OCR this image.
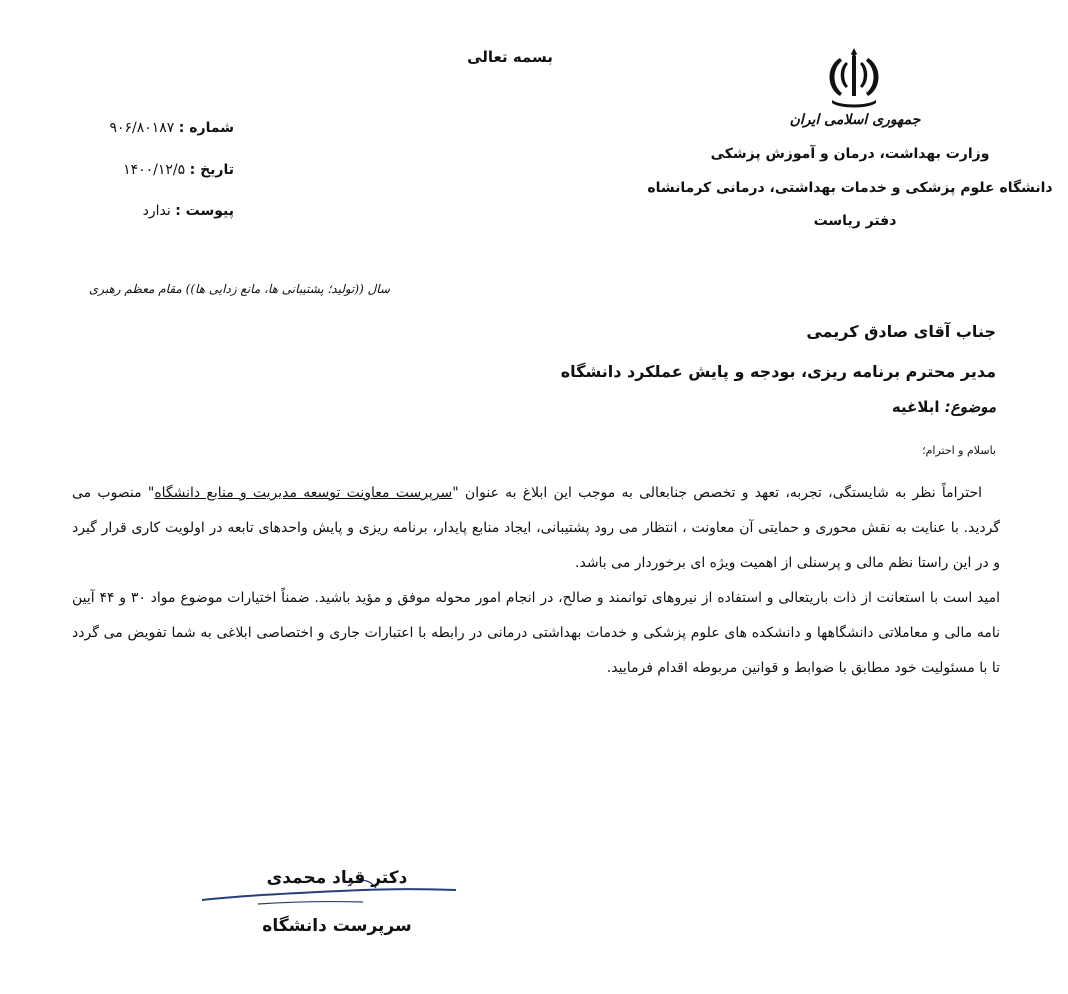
بسمه تعالی
جمهوری اسلامی ایران
وزارت بهداشت، درمان و آموزش پزشکی
دانشگاه علوم پزشکی و خدمات بهداشتی، درمانی کرمانشاه
دفتر ریاست
شماره : ۹۰۶/۸۰۱۸۷
تاریخ : ۱۴۰۰/۱۲/۵
پیوست : ندارد
سال ((تولید؛ پشتیبانی ها، مانع زدایی ها)) مقام معظم رهبری
جناب آقای صادق کریمی
مدیر محترم برنامه ریزی، بودجه و پایش عملکرد دانشگاه
موضوع: ابلاغیه
باسلام و احترام؛

احتراماً نظر به شایستگی، تجربه، تعهد و تخصص جنابعالی به موجب این ابلاغ به عنوان "سرپرست معاونت توسعه مدیریت و منابع دانشگاه" منصوب می گردید. با عنایت به نقش محوری و حمایتی آن معاونت ، انتظار می رود پشتیبانی، ایجاد منابع پایدار، برنامه ریزی و پایش واحدهای تابعه در اولویت کاری قرار گیرد و در این راستا نظم مالی و پرسنلی از اهمیت ویژه ای برخوردار می باشد.

امید است با استعانت از ذات باریتعالی و استفاده از نیروهای توانمند و صالح، در انجام امور محوله موفق و مؤید باشید. ضمناً اختیارات موضوع مواد ۳۰ و ۴۴ آیین نامه مالی و معاملاتی دانشگاهها و دانشکده های علوم پزشکی و خدمات بهداشتی درمانی در رابطه با اعتبارات جاری و اختصاصی ابلاغی به شما تفویض می گردد تا با مسئولیت خود مطابق با ضوابط و قوانین مربوطه اقدام فرمایید.

دکتر قباد محمدی
سرپرست دانشگاه
